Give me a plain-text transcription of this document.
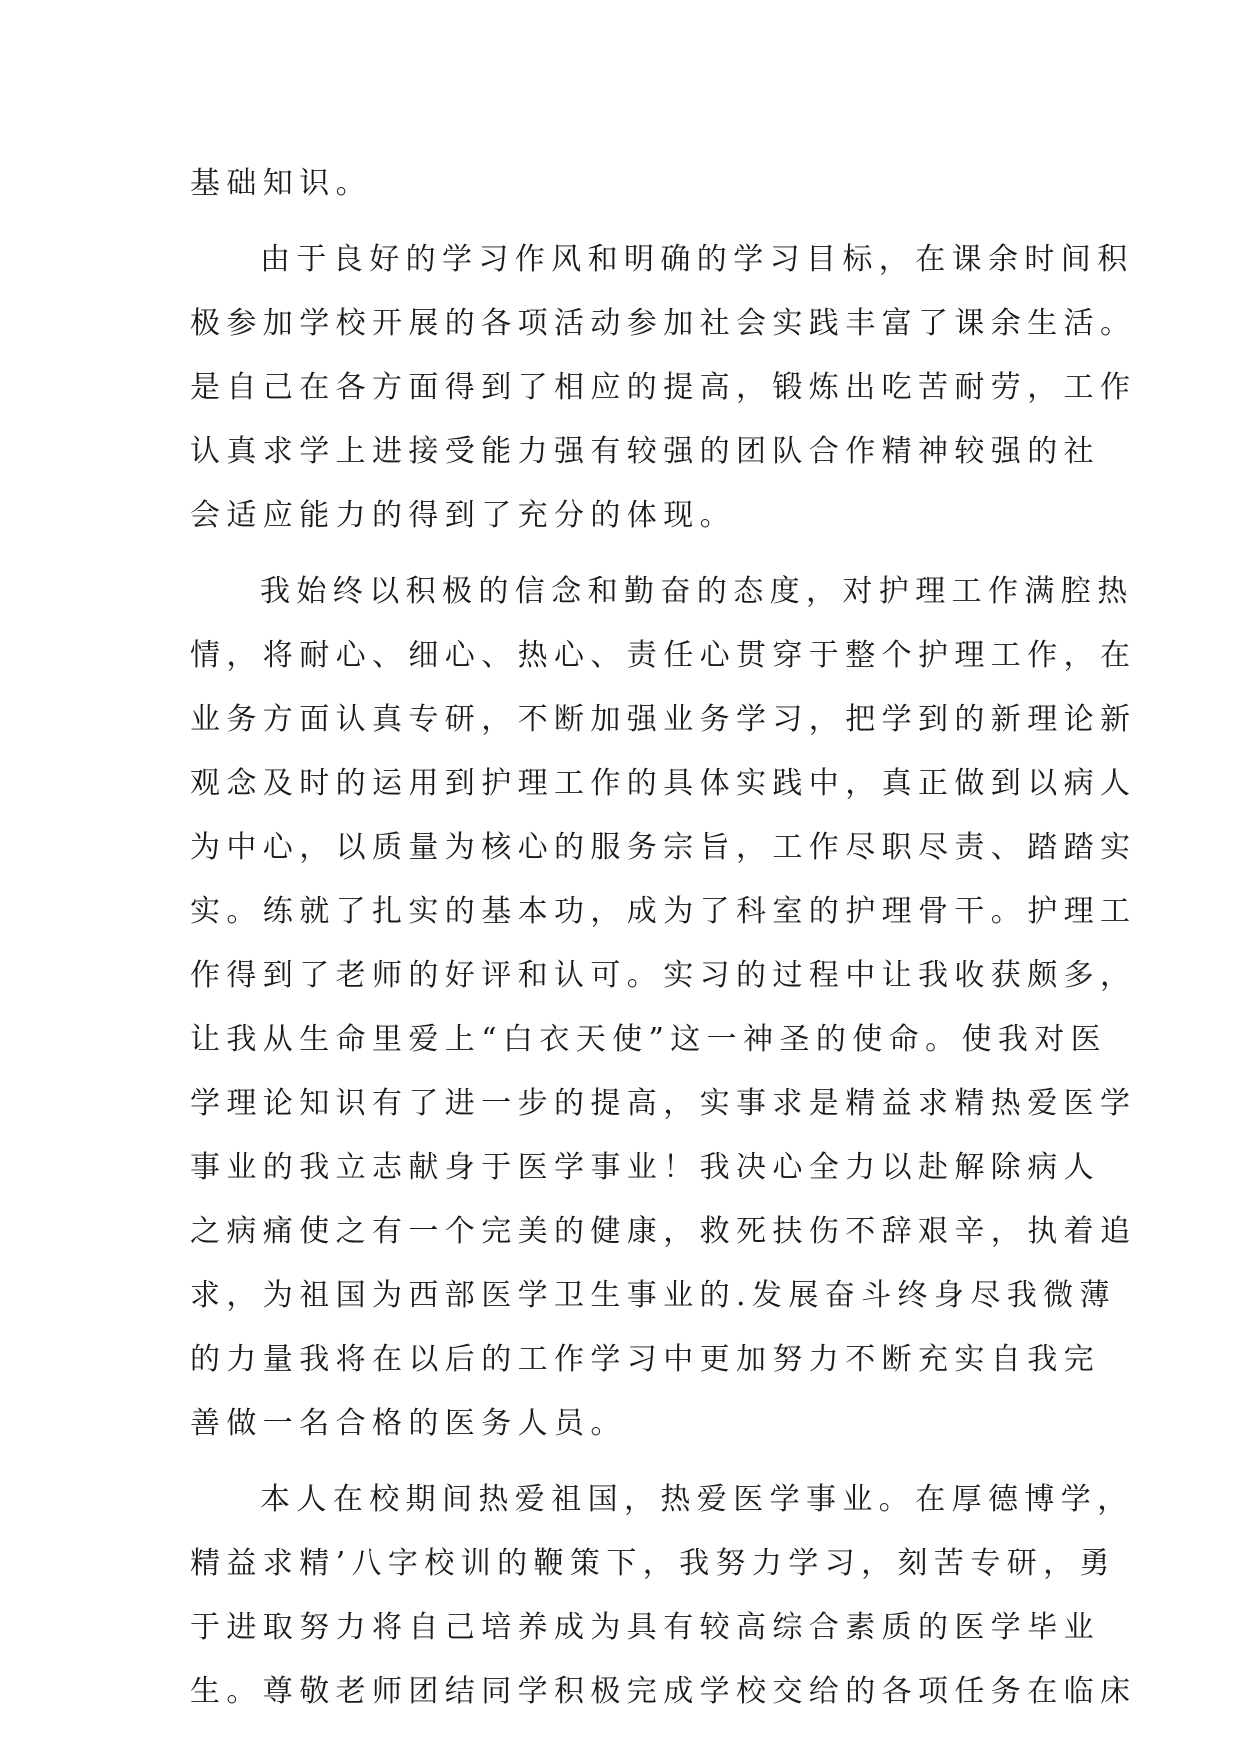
基础知识。
由于良好的学习作风和明确的学习目标，在课余时间积
极参加学校开展的各项活动参加社会实践丰富了课余生活。
是自己在各方面得到了相应的提高，锻炼出吃苦耐劳，工作
认真求学上进接受能力强有较强的团队合作精神较强的社
会适应能力的得到了充分的体现。
我始终以积极的信念和勤奋的态度，对护理工作满腔热
情，将耐心、细心、热心、责任心贯穿于整个护理工作，在
业务方面认真专研，不断加强业务学习，把学到的新理论新
观念及时的运用到护理工作的具体实践中，真正做到以病人
为中心，以质量为核心的服务宗旨，工作尽职尽责、踏踏实
实。练就了扎实的基本功，成为了科室的护理骨干。护理工
作得到了老师的好评和认可。实习的过程中让我收获颇多，
让我从生命里爱上“白衣天使”这一神圣的使命。使我对医
学理论知识有了进一步的提高，实事求是精益求精热爱医学
事业的我立志献身于医学事业！我决心全力以赴解除病人
之病痛使之有一个完美的健康，救死扶伤不辞艰辛，执着追
求，为祖国为西部医学卫生事业的.发展奋斗终身尽我微薄
的力量我将在以后的工作学习中更加努力不断充实自我完
善做一名合格的医务人员。
本人在校期间热爱祖国，热爱医学事业。在厚德博学，
精益求精’八字校训的鞭策下，我努力学习，刻苦专研，勇
于进取努力将自己培养成为具有较高综合素质的医学毕业
生。尊敬老师团结同学积极完成学校交给的各项任务在临床
